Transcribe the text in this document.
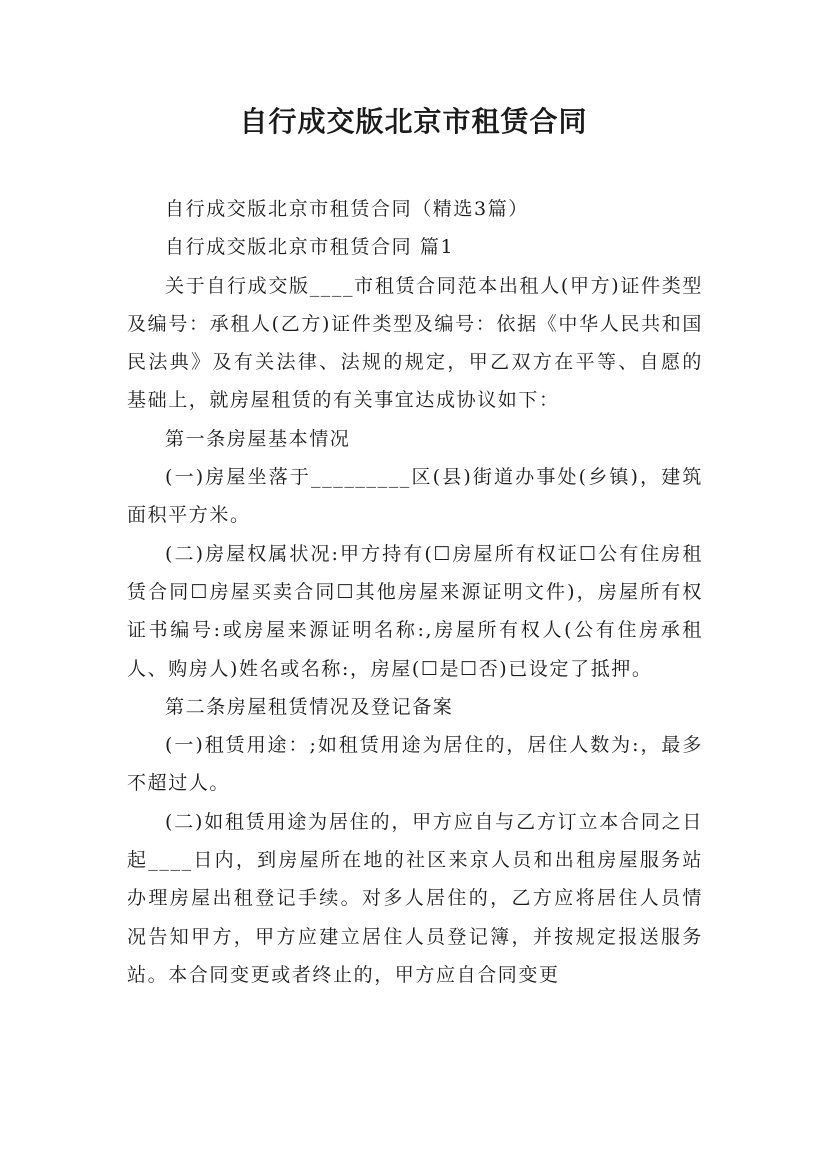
自行成交版北京市租赁合同

自行成交版北京市租赁合同（精选3篇）

自行成交版北京市租赁合同 篇1

关于自行成交版____市租赁合同范本出租人(甲方)证件类型及编号：承租人(乙方)证件类型及编号：依据《中华人民共和国民法典》及有关法律、法规的规定，甲乙双方在平等、自愿的基础上，就房屋租赁的有关事宜达成协议如下：

第一条房屋基本情况

(一)房屋坐落于_________区(县)街道办事处(乡镇)，建筑面积平方米。

(二)房屋权属状况:甲方持有(☐房屋所有权证☐公有住房租赁合同☐房屋买卖合同☐其他房屋来源证明文件)，房屋所有权证书编号:或房屋来源证明名称:,房屋所有权人(公有住房承租人、购房人)姓名或名称:，房屋(☐是☐否)已设定了抵押。

第二条房屋租赁情况及登记备案

(一)租赁用途：;如租赁用途为居住的，居住人数为:，最多不超过人。

(二)如租赁用途为居住的，甲方应自与乙方订立本合同之日起____日内，到房屋所在地的社区来京人员和出租房屋服务站办理房屋出租登记手续。对多人居住的，乙方应将居住人员情况告知甲方，甲方应建立居住人员登记簿，并按规定报送服务站。本合同变更或者终止的，甲方应自合同变更
